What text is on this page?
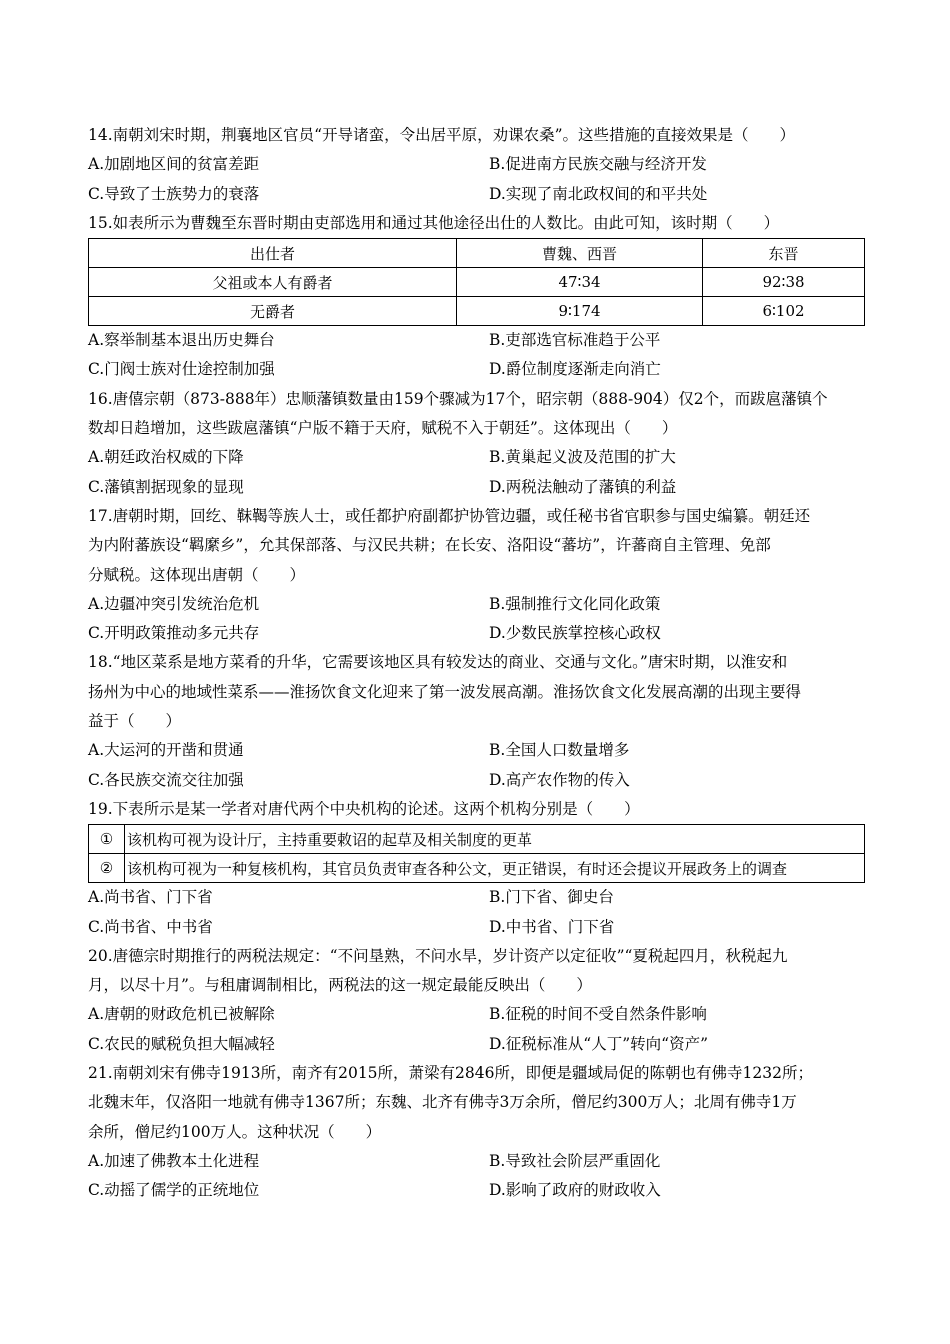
14.南朝刘宋时期，荆襄地区官员“开导诸蛮，令出居平原，劝课农桑”。这些措施的直接效果是（　　）
A.加剧地区间的贫富差距	B.促进南方民族交融与经济开发
C.导致了士族势力的衰落	D.实现了南北政权间的和平共处
15.如表所示为曹魏至东晋时期由吏部选用和通过其他途径出仕的人数比。由此可知，该时期（　　）
出仕者	曹魏、西晋	东晋
父祖或本人有爵者	47∶34	92∶38
无爵者	9∶174	6∶102
A.察举制基本退出历史舞台	B.吏部选官标准趋于公平
C.门阀士族对仕途控制加强	D.爵位制度逐渐走向消亡
16.唐僖宗朝（873-888年）忠顺藩镇数量由159个骤减为17个，昭宗朝（888-904）仅2个，而跋扈藩镇个
数却日趋增加，这些跋扈藩镇“户版不籍于天府，赋税不入于朝廷”。这体现出（　　）
A.朝廷政治权威的下降	B.黄巢起义波及范围的扩大
C.藩镇割据现象的显现	D.两税法触动了藩镇的利益
17.唐朝时期，回纥、靺鞨等族人士，或任都护府副都护协管边疆，或任秘书省官职参与国史编纂。朝廷还
为内附蕃族设“羁縻乡”，允其保部落、与汉民共耕；在长安、洛阳设“蕃坊”，许蕃商自主管理、免部
分赋税。这体现出唐朝（　　）
A.边疆冲突引发统治危机	B.强制推行文化同化政策
C.开明政策推动多元共存	D.少数民族掌控核心政权
18.“地区菜系是地方菜肴的升华，它需要该地区具有较发达的商业、交通与文化。”唐宋时期，以淮安和
扬州为中心的地域性菜系——淮扬饮食文化迎来了第一波发展高潮。淮扬饮食文化发展高潮的出现主要得
益于（　　）
A.大运河的开凿和贯通	B.全国人口数量增多
C.各民族交流交往加强	D.高产农作物的传入
19.下表所示是某一学者对唐代两个中央机构的论述。这两个机构分别是（　　）
①	该机构可视为设计厅，主持重要敕诏的起草及相关制度的更革
②	该机构可视为一种复核机构，其官员负责审查各种公文，更正错误，有时还会提议开展政务上的调查
A.尚书省、门下省	B.门下省、御史台
C.尚书省、中书省	D.中书省、门下省
20.唐德宗时期推行的两税法规定：“不问垦熟，不问水旱，岁计资产以定征收”“夏税起四月，秋税起九
月，以尽十月”。与租庸调制相比，两税法的这一规定最能反映出（　　）
A.唐朝的财政危机已被解除	B.征税的时间不受自然条件影响
C.农民的赋税负担大幅减轻	D.征税标准从“人丁”转向“资产”
21.南朝刘宋有佛寺1913所，南齐有2015所，萧梁有2846所，即便是疆域局促的陈朝也有佛寺1232所；
北魏末年，仅洛阳一地就有佛寺1367所；东魏、北齐有佛寺3万余所，僧尼约300万人；北周有佛寺1万
余所，僧尼约100万人。这种状况（　　）
A.加速了佛教本土化进程	B.导致社会阶层严重固化
C.动摇了儒学的正统地位	D.影响了政府的财政收入
